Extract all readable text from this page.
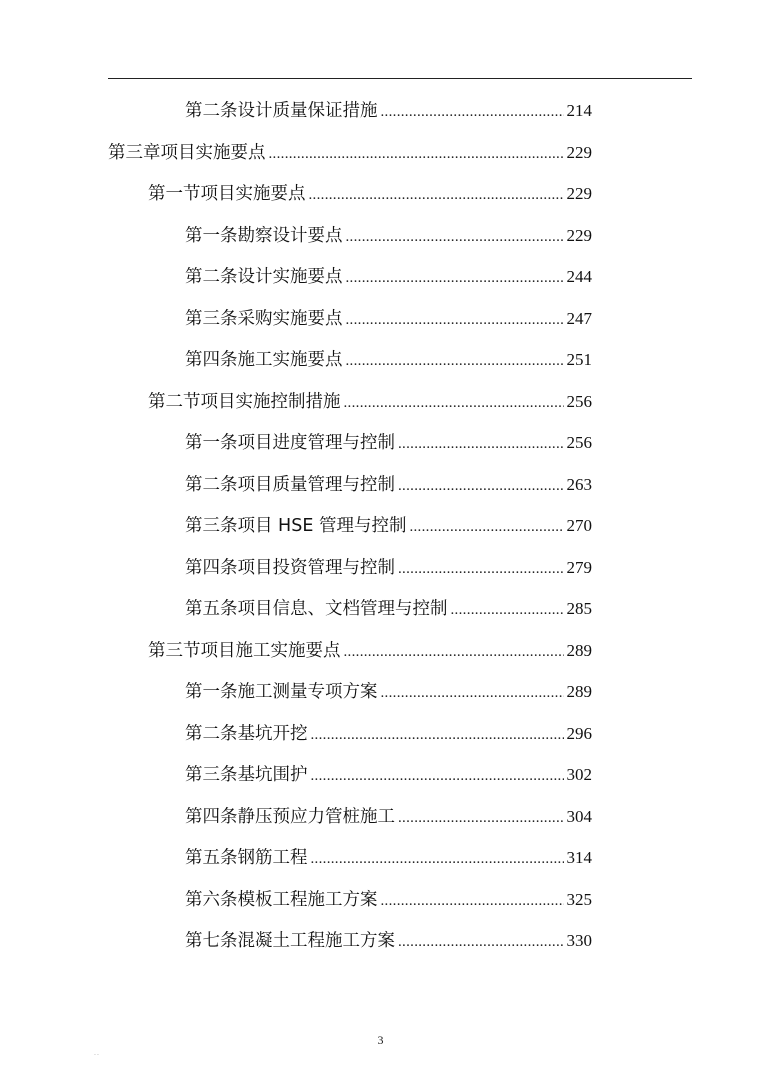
第二条设计质量保证措施 .....	214
第三章项目实施要点 .....	229
第一节项目实施要点 .....	229
第一条勘察设计要点 .....	229
第二条设计实施要点 .....	244
第三条采购实施要点 .....	247
第四条施工实施要点 .....	251
第二节项目实施控制措施 .....	256
第一条项目进度管理与控制 .....	256
第二条项目质量管理与控制 .....	263
第三条项目 HSE 管理与控制 .....	270
第四条项目投资管理与控制 .....	279
第五条项目信息、文档管理与控制 .....	285
第三节项目施工实施要点 .....	289
第一条施工测量专项方案 .....	289
第二条基坑开挖 .....	296
第三条基坑围护 .....	302
第四条静压预应力管桩施工 .....	304
第五条钢筋工程 .....	314
第六条模板工程施工方案 .....	325
第七条混凝土工程施工方案 .....	330
3
..
